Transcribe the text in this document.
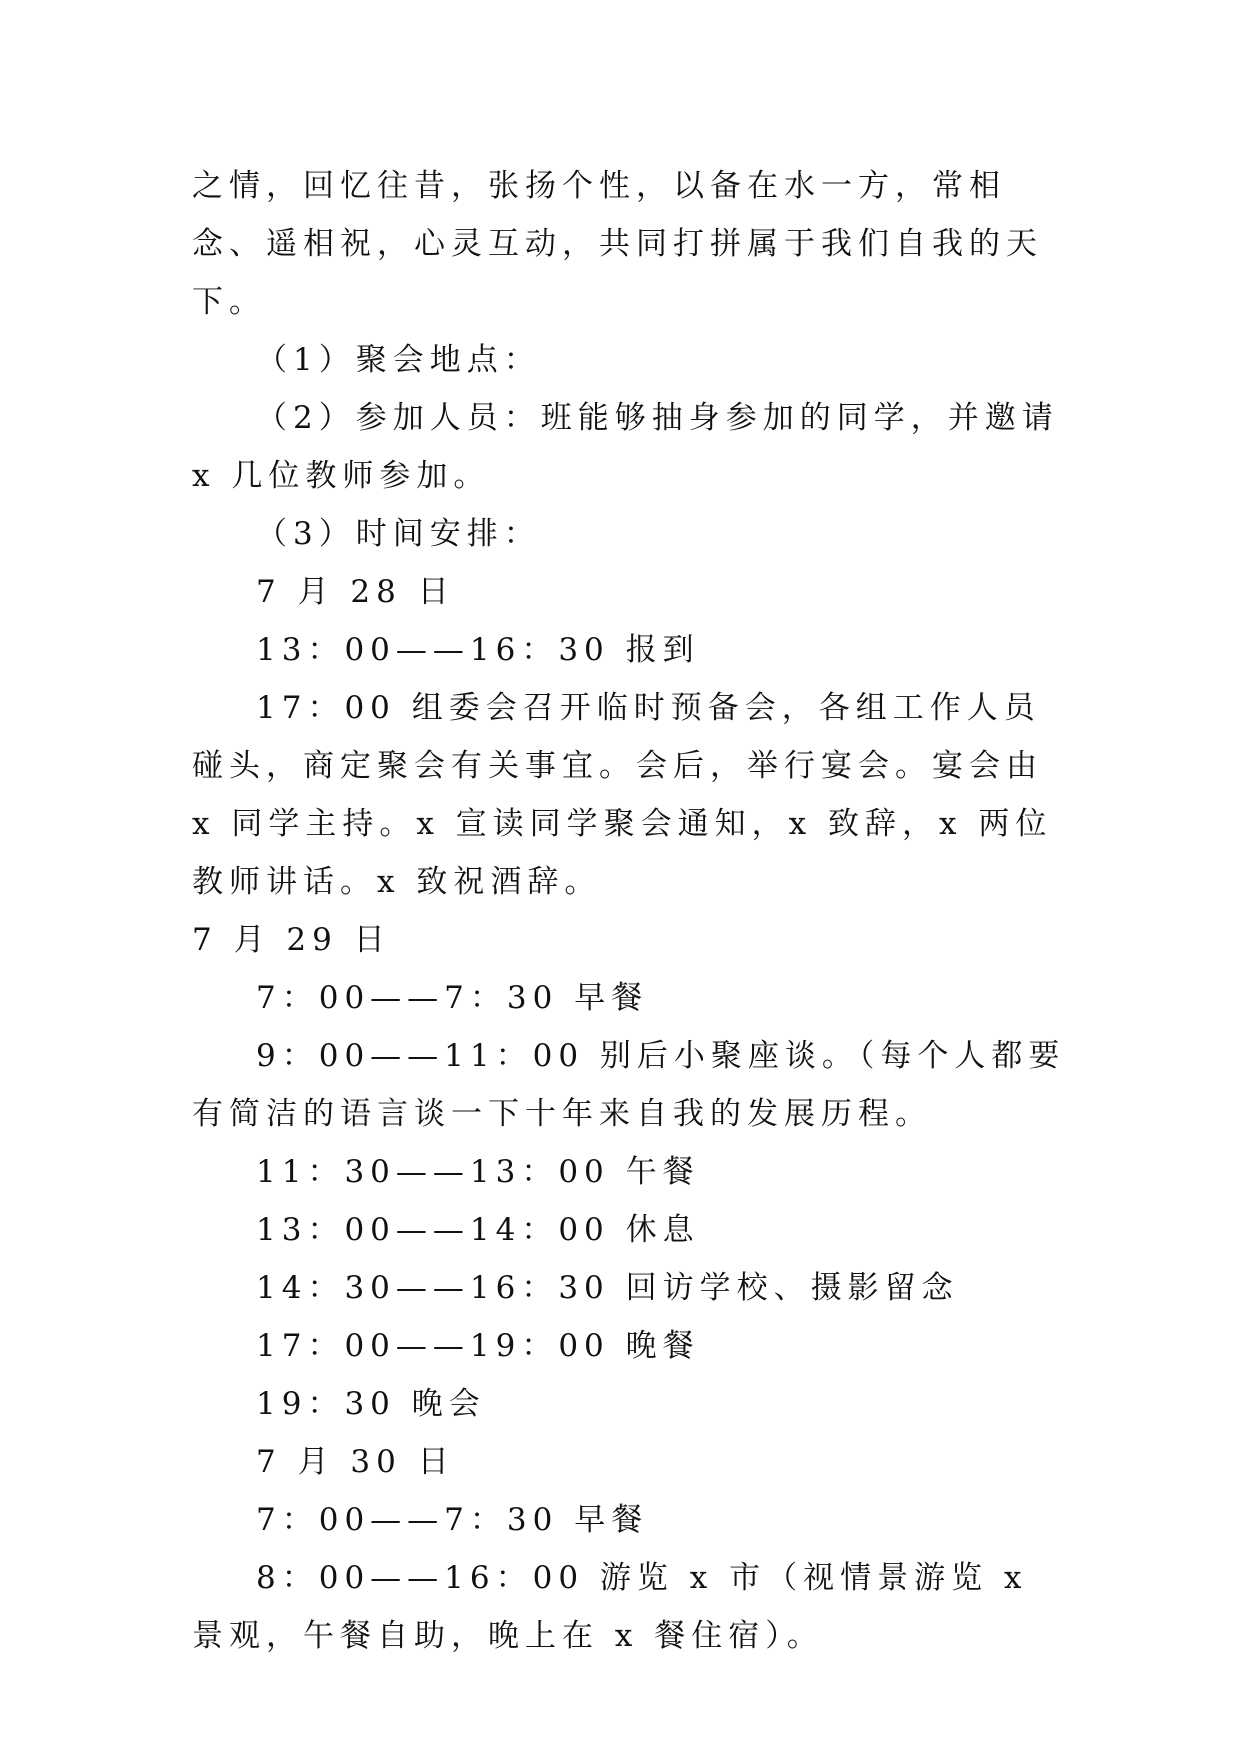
之情，回忆往昔，张扬个性，以备在水一方，常相念、遥相祝，心灵互动，共同打拼属于我们自我的天下。

（1）聚会地点：

（2）参加人员：班能够抽身参加的同学，并邀请 x 几位教师参加。

（3）时间安排：

7 月 28 日

13：00——16：30 报到

17：00 组委会召开临时预备会，各组工作人员碰头，商定聚会有关事宜。会后，举行宴会。宴会由 x 同学主持。x 宣读同学聚会通知，x 致辞，x 两位教师讲话。x 致祝酒辞。

7 月 29 日

7：00——7：30 早餐

9：00——11：00 别后小聚座谈。（每个人都要有简洁的语言谈一下十年来自我的发展历程。

11：30——13：00 午餐

13：00——14：00 休息

14：30——16：30 回访学校、摄影留念

17：00——19：00 晚餐

19：30 晚会

7 月 30 日

7：00——7：30 早餐

8：00——16：00 游览 x 市（视情景游览 x 景观，午餐自助，晚上在 x 餐住宿）。
